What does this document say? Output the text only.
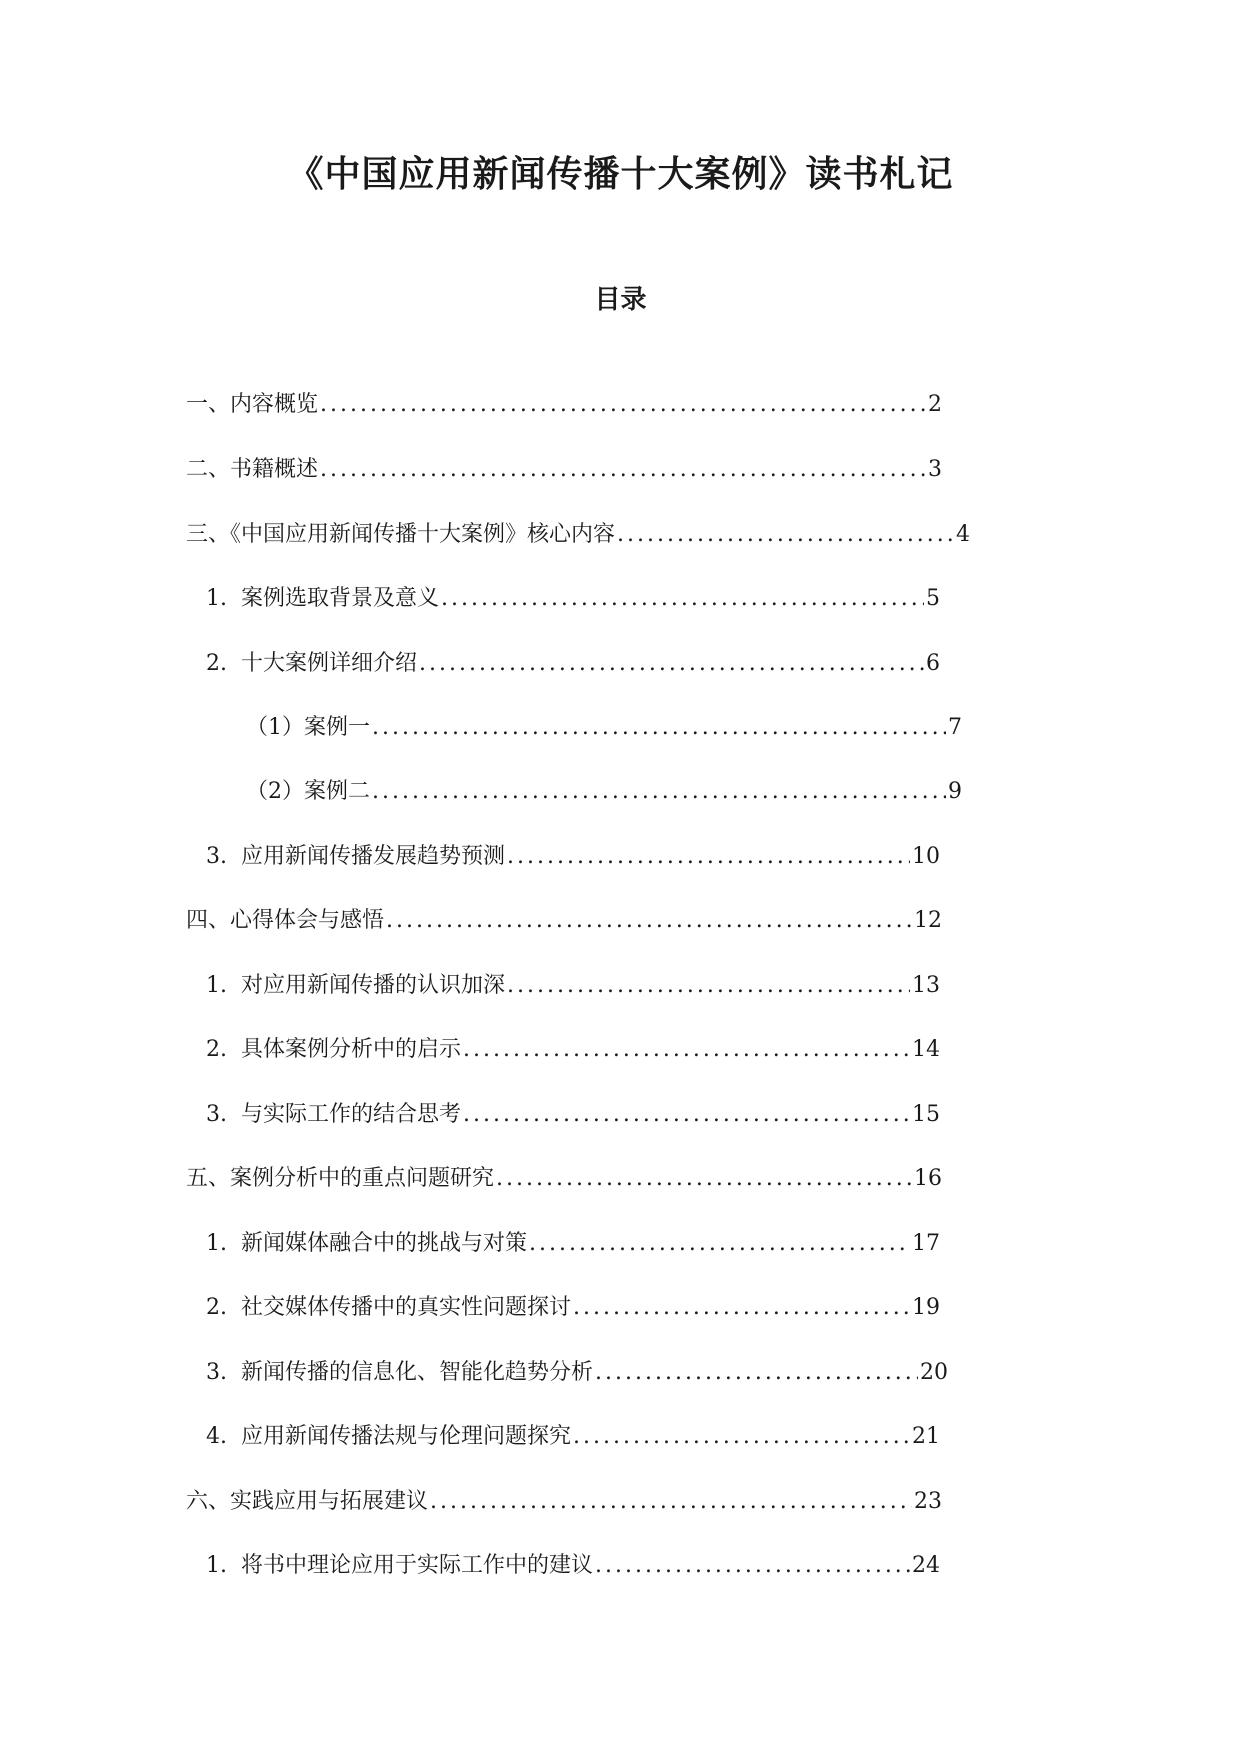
《中国应用新闻传播十大案例》读书札记
目录
一、内容概览 .....	2
二、书籍概述 .....	3
三、《中国应用新闻传播十大案例》核心内容 .....	4
1. 案例选取背景及意义 .....	5
2. 十大案例详细介绍 .....	6
（1）案例一 .....	7
（2）案例二 .....	9
3. 应用新闻传播发展趋势预测 .....	10
四、心得体会与感悟 .....	12
1. 对应用新闻传播的认识加深 .....	13
2. 具体案例分析中的启示 .....	14
3. 与实际工作的结合思考 .....	15
五、案例分析中的重点问题研究 .....	16
1. 新闻媒体融合中的挑战与对策 .....	17
2. 社交媒体传播中的真实性问题探讨 .....	19
3. 新闻传播的信息化、智能化趋势分析 .....	20
4. 应用新闻传播法规与伦理问题探究 .....	21
六、实践应用与拓展建议 .....	23
1. 将书中理论应用于实际工作中的建议 .....	24
